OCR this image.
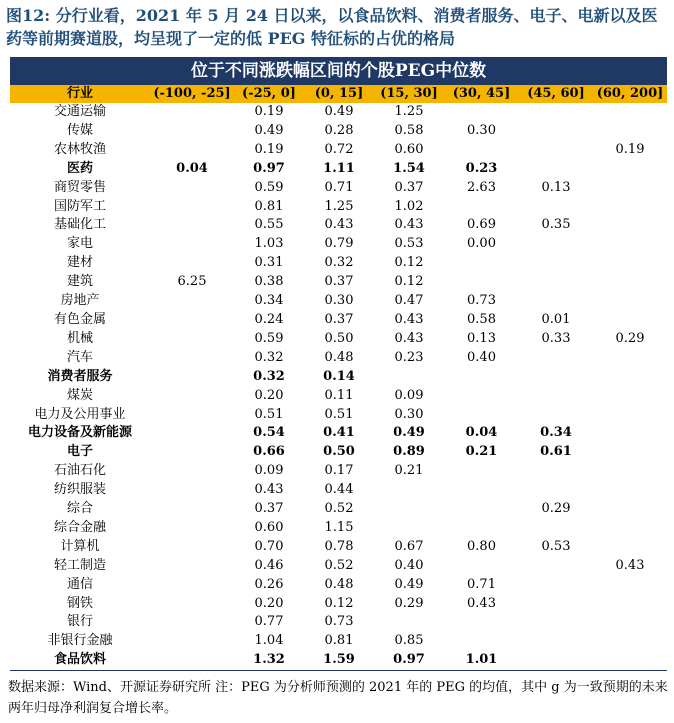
图12: 分行业看，2021 年 5 月 24 日以来，以食品饮料、消费者服务、电子、电新以及医药等前期赛道股，均呈现了一定的低 PEG 特征标的占优的格局
位于不同涨跌幅区间的个股PEG中位数
行业	(-100, -25]	(-25, 0]	(0, 15]	(15, 30]	(30, 45]	(45, 60]	(60, 200]
交通运输		0.19	0.49	1.25			
传媒		0.49	0.28	0.58	0.30		
农林牧渔		0.19	0.72	0.60			0.19
医药	0.04	0.97	1.11	1.54	0.23		
商贸零售		0.59	0.71	0.37	2.63	0.13	
国防军工		0.81	1.25	1.02			
基础化工		0.55	0.43	0.43	0.69	0.35	
家电		1.03	0.79	0.53	0.00		
建材		0.31	0.32	0.12			
建筑	6.25	0.38	0.37	0.12			
房地产		0.34	0.30	0.47	0.73		
有色金属		0.24	0.37	0.43	0.58	0.01	
机械		0.59	0.50	0.43	0.13	0.33	0.29
汽车		0.32	0.48	0.23	0.40		
消费者服务		0.32	0.14				
煤炭		0.20	0.11	0.09			
电力及公用事业		0.51	0.51	0.30			
电力设备及新能源		0.54	0.41	0.49	0.04	0.34	
电子		0.66	0.50	0.89	0.21	0.61	
石油石化		0.09	0.17	0.21			
纺织服装		0.43	0.44				
综合		0.37	0.52			0.29	
综合金融		0.60	1.15				
计算机		0.70	0.78	0.67	0.80	0.53	
轻工制造		0.46	0.52	0.40			0.43
通信		0.26	0.48	0.49	0.71		
钢铁		0.20	0.12	0.29	0.43		
银行		0.77	0.73				
非银行金融		1.04	0.81	0.85			
食品饮料		1.32	1.59	0.97	1.01		
数据来源：Wind、开源证券研究所 注：PEG 为分析师预测的 2021 年的 PEG 的均值，其中 g 为一致预期的未来两年归母净利润复合增长率。
